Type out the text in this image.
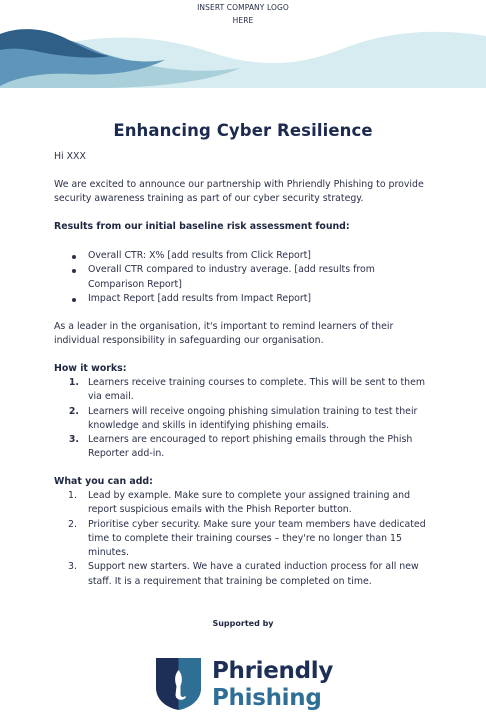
INSERT COMPANY LOGO
HERE
Enhancing Cyber Resilience
Hi XXX
We are excited to announce our partnership with Phriendly Phishing to provide security awareness training as part of our cyber security strategy.
Results from our initial baseline risk assessment found:
Overall CTR: X% [add results from Click Report]
Overall CTR compared to industry average. [add results from Comparison Report]
Impact Report [add results from Impact Report]
As a leader in the organisation, it's important to remind learners of their individual responsibility in safeguarding our organisation.
How it works:
1. Learners receive training courses to complete. This will be sent to them via email.
2. Learners will receive ongoing phishing simulation training to test their knowledge and skills in identifying phishing emails.
3. Learners are encouraged to report phishing emails through the Phish Reporter add-in.
What you can add:
1. Lead by example. Make sure to complete your assigned training and report suspicious emails with the Phish Reporter button.
2. Prioritise cyber security. Make sure your team members have dedicated time to complete their training courses – they're no longer than 15 minutes.
3. Support new starters. We have a curated induction process for all new staff. It is a requirement that training be completed on time.
Supported by
Phriendly
Phishing
